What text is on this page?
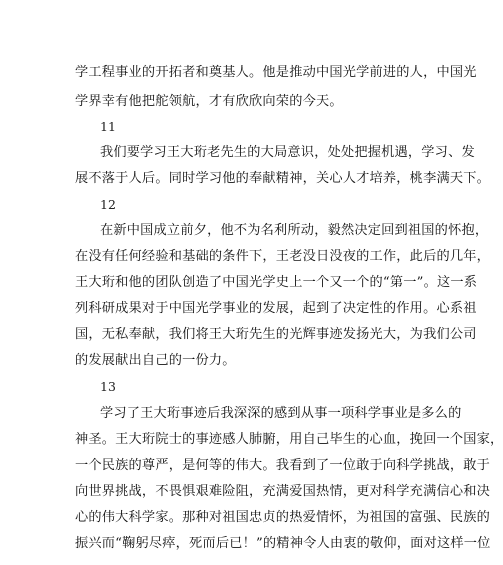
学工程事业的开拓者和奠基人。他是推动中国光学前进的人，中国光
学界幸有他把舵领航，才有欣欣向荣的今天。
11
我们要学习王大珩老先生的大局意识，处处把握机遇，学习、发
展不落于人后。同时学习他的奉献精神，关心人才培养，桃李满天下。
12
在新中国成立前夕，他不为名利所动，毅然决定回到祖国的怀抱，
在没有任何经验和基础的条件下，王老没日没夜的工作，此后的几年，
王大珩和他的团队创造了中国光学史上一个又一个的“第一”。这一系
列科研成果对于中国光学事业的发展，起到了决定性的作用。心系祖
国，无私奉献，我们将王大珩先生的光辉事迹发扬光大，为我们公司
的发展献出自己的一份力。
13
学习了王大珩事迹后我深深的感到从事一项科学事业是多么的
神圣。王大珩院士的事迹感人肺腑，用自己毕生的心血，挽回一个国家，
一个民族的尊严，是何等的伟大。我看到了一位敢于向科学挑战，敢于
向世界挑战，不畏惧艰难险阻，充满爱国热情，更对科学充满信心和决
心的伟大科学家。那种对祖国忠贞的热爱情怀，为祖国的富强、民族的
振兴而“鞠躬尽瘁，死而后已！”的精神令人由衷的敬仰，面对这样一位
